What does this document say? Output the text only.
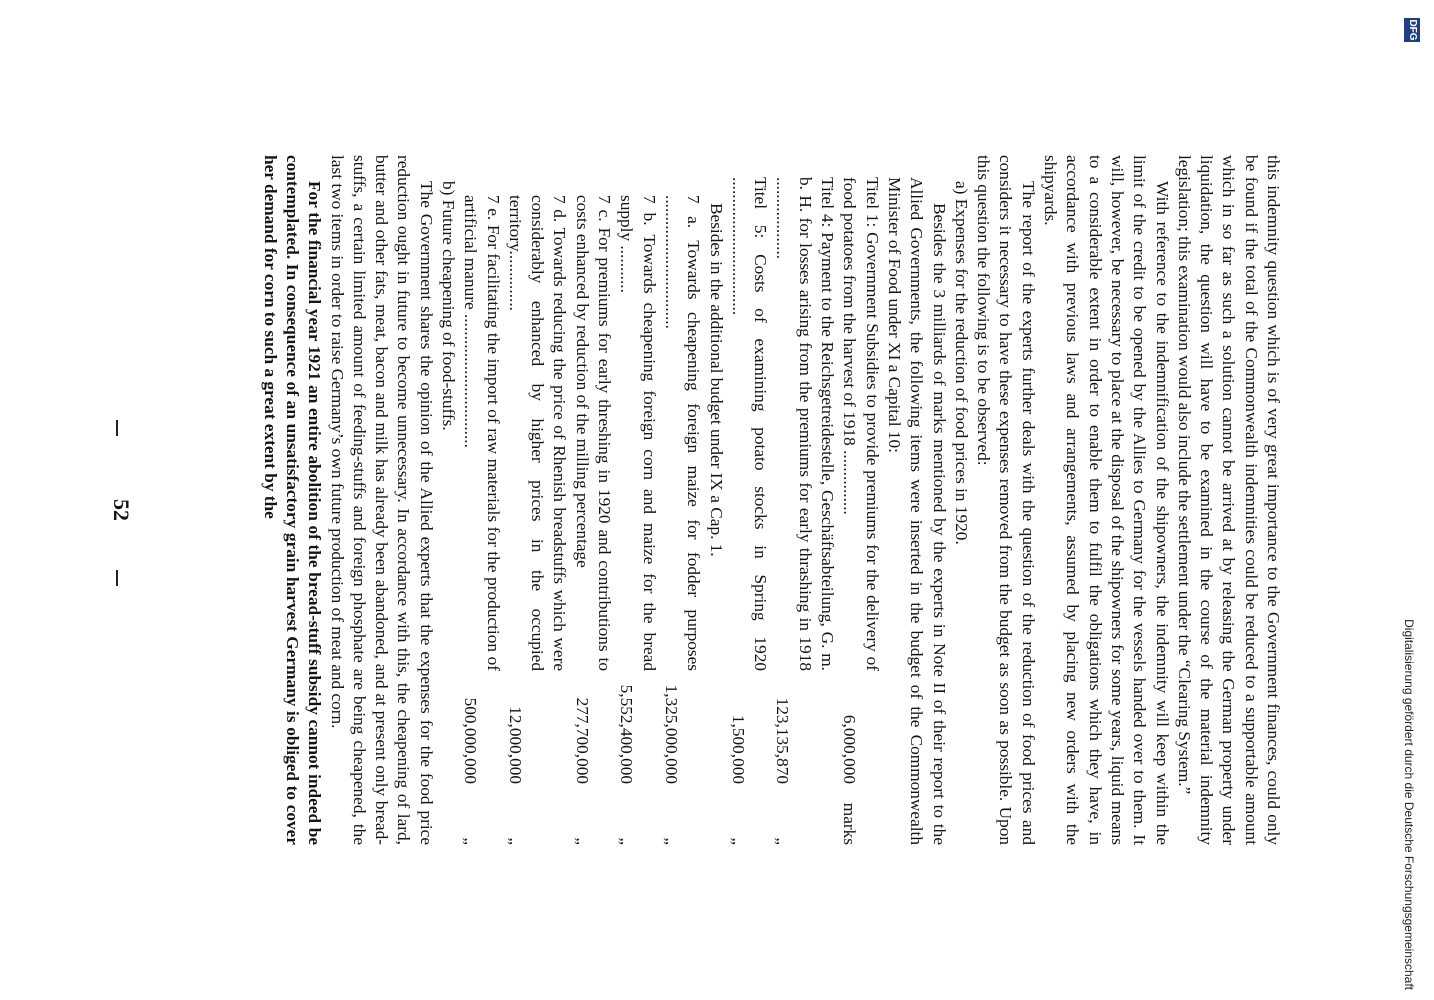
52
Digitalisierung gefördert durch die Deutsche Forschungsgemeinschaft
DFG

this indemnity question which is of very great importance to the Government finances, could only be found if the total of the Commonwealth indemnities could be reduced to a supportable amount which in so far as such a solution cannot be arrived at by releasing the German property under liquidation, the question will have to be examined in the course of the material indemnity legislation; this examination would also include the settlement under the “Clearing System.”

With reference to the indemnification of the shipowners, the indemnity will keep within the limit of the credit to be opened by the Allies to Germany for the vessels handed over to them. It will, however, be necessary to place at the disposal of the shipowners for some years, liquid means to a considerable extent in order to enable them to fulfil the obligations which they have, in accordance with previous laws and arrangements, assumed by placing new orders with the shipyards.

The report of the experts further deals with the question of the reduction of food prices and considers it necessary to have these expenses removed from the budget as soon as possible. Upon this question the following is to be observed:

a) Expenses for the reduction of food prices in 1920.

Besides the 3 milliards of marks mentioned by the experts in Note II of their report to the Allied Governments, the following items were inserted in the budget of the Commonwealth Minister of Food under XI a Capital 10:

Titel 1: Government Subsidies to provide premiums for the delivery of food potatoes from the harvest of 1918 ...............
6,000,000
marks
Titel 4: Payment to the Reichsgetreidestelle, Geschäftsabteilung, G. m. b. H. for losses arising from the premiums for early thrashing in 1918 ...................
123,135,870
„
Titel 5: Costs of examining potato stocks in Spring 1920 ................................
1,500,000
„

Besides in the additional budget under IX a Cap. 1.

7 a. Towards cheapening foreign maize for fodder purposes ...............................
1,325,000,000
„
7 b. Towards cheapening foreign corn and maize for the bread supply ...........
5,552,400,000
„
7 c. For premiums for early threshing in 1920 and contributions to costs enhanced by reduction of the milling percentage
277,700,000
„
7 d. Towards reducing the price of Rhenish breadstuffs which were considerably enhanced by higher prices in the occupied territory..............
12,000,000
„
7 e. For facilitating the import of raw materials for the production of artificial manure ...............................
500,000,000
„

b) Future cheapening of food-stuffs.

The Government shares the opinion of the Allied experts that the expenses for the food price reduction ought in future to become unnecessary. In accordance with this, the cheapening of lard, butter and other fats, meat, bacon and milk has already been abandoned, and at present only bread-stuffs, a certain limited amount of feeding-stuffs and foreign phosphate are being cheapened, the last two items in order to raise Germany’s own future production of meat and corn.

For the financial year 1921 an entire abolition of the bread-stuff subsidy cannot indeed be contemplated. In consequence of an unsatisfactory grain harvest Germany is obliged to cover her demand for corn to such a great extent by the
